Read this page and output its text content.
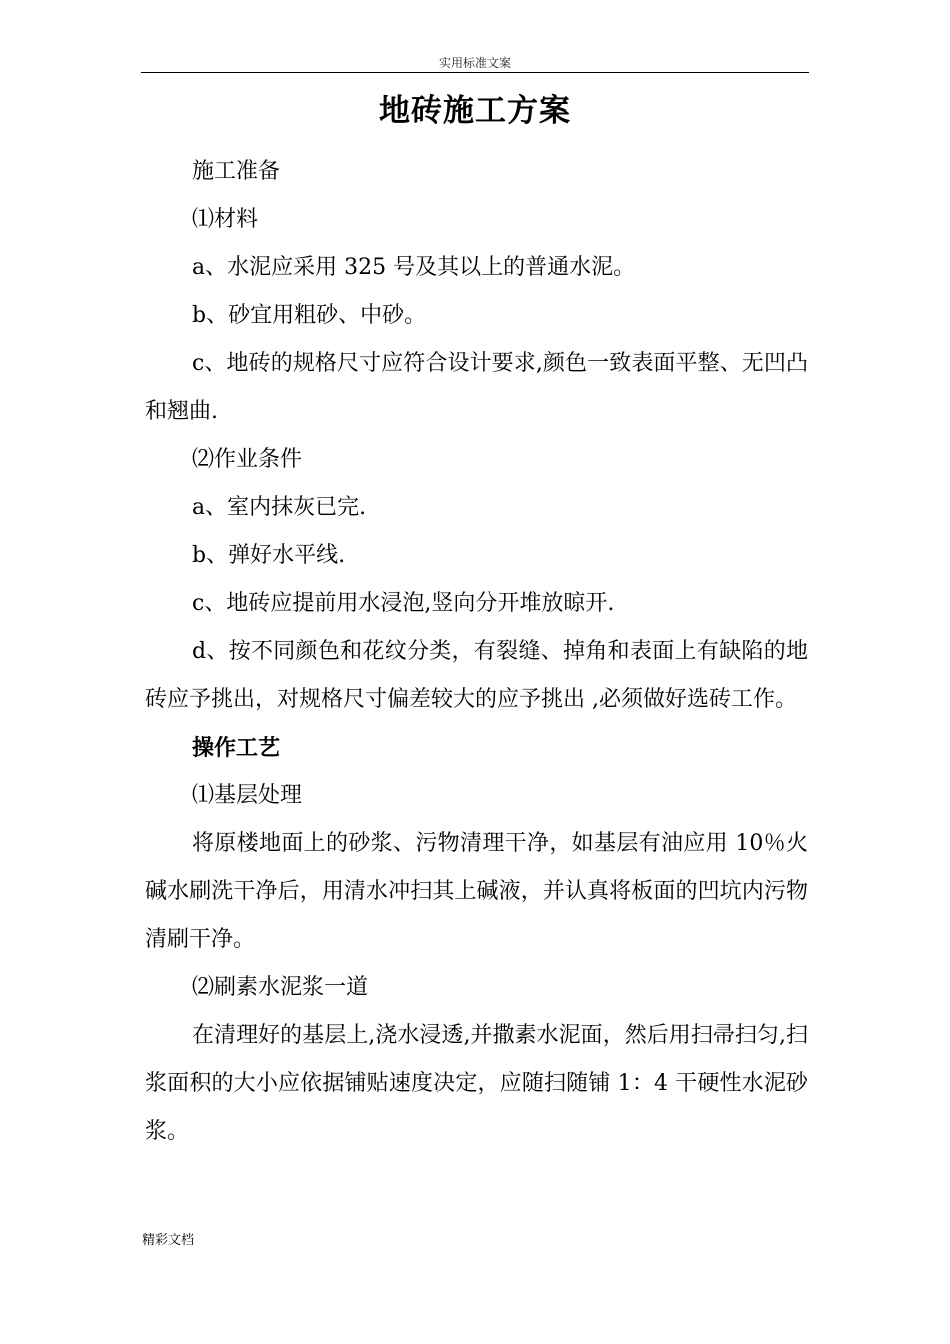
实用标准文案
地砖施工方案

施工准备

⑴材料

a、水泥应采用 325 号及其以上的普通水泥。

b、砂宜用粗砂、中砂。

c、地砖的规格尺寸应符合设计要求,颜色一致表面平整、无凹凸和翘曲.

⑵作业条件

a、室内抹灰已完.

b、弹好水平线.

c、地砖应提前用水浸泡,竖向分开堆放晾开.

d、按不同颜色和花纹分类，有裂缝、掉角和表面上有缺陷的地砖应予挑出，对规格尺寸偏差较大的应予挑出 ,必须做好选砖工作。

操作工艺

⑴基层处理

将原楼地面上的砂浆、污物清理干净，如基层有油应用 10％火碱水刷洗干净后，用清水冲扫其上碱液，并认真将板面的凹坑内污物清刷干净。

⑵刷素水泥浆一道

在清理好的基层上,浇水浸透,并撒素水泥面，然后用扫帚扫匀,扫浆面积的大小应依据铺贴速度决定，应随扫随铺 1：4 干硬性水泥砂浆。

精彩文档
